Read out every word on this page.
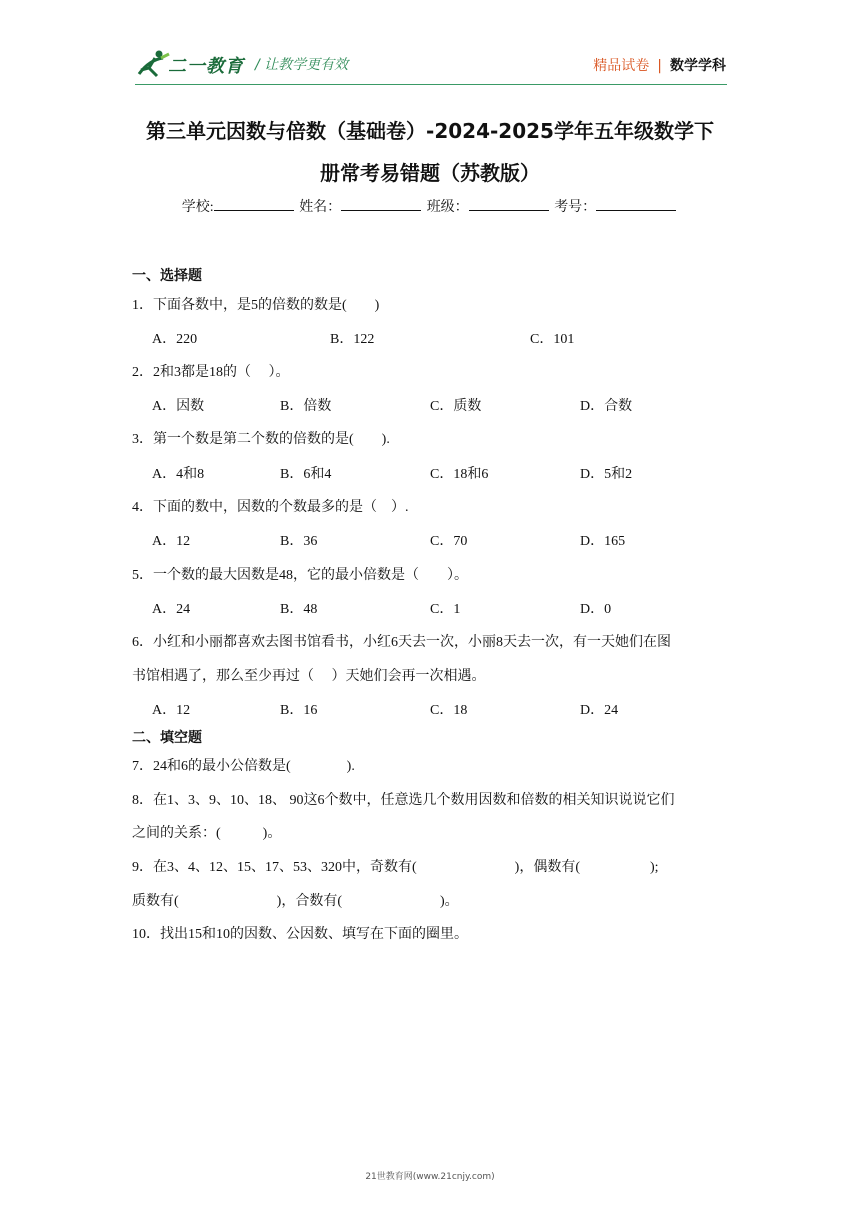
二一教育 / 让教学更有效	精品试卷 | 数学学科
第三单元因数与倍数（基础卷）-2024-2025学年五年级数学下
册常考易错题（苏教版）
学校:	姓名：	班级：	考号：
一、选择题
1．下面各数中，是5的倍数的数是(　　)
A．220	B．122	C．101
2．2和3都是18的（　 ）。
A．因数	B．倍数	C．质数	D．合数
3．第一个数是第二个数的倍数的是(　　).
A．4和8	B．6和4	C．18和6	D．5和2
4．下面的数中，因数的个数最多的是（　）.
A．12	B．36	C．70	D．165
5．一个数的最大因数是48，它的最小倍数是（　　）。
A．24	B．48	C．1	D．0
6．小红和小丽都喜欢去图书馆看书，小红6天去一次，小丽8天去一次，有一天她们在图
书馆相遇了，那么至少再过（　 ）天她们会再一次相遇。
A．12	B．16	C．18	D．24
二、填空题
7．24和6的最小公倍数是(　　　　).
8．在1、3、9、10、18、 90这6个数中，任意选几个数用因数和倍数的相关知识说说它们
之间的关系：(　　　)。
9．在3、4、12、15、17、53、320中，奇数有(　　　　　　　)，偶数有(　　　　　);
质数有(　　　　　　　)，合数有(　　　　　　　)。
10．找出15和10的因数、公因数、填写在下面的圈里。
21世教育网(www.21cnjy.com)
